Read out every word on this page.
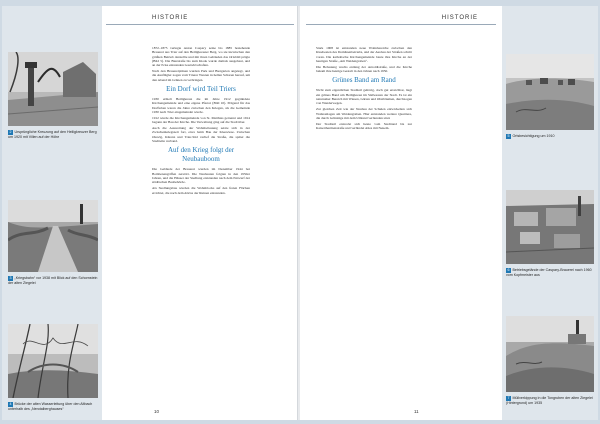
HISTORIE
2 Ursprüngliche Kreuzung auf den Heiligkreuzer Berg um 1920 mit Villen auf der Höhe
3 „Kriegsbahn“ vor 1938 mit Blick auf den Schornstein der alten Ziegelei
4 Brücke der alten Wasserleitung über den Altbach unterhalb des „Nerotalberghauses“

1872–1875 verlegte Anton Caspary seine bis 1885 bestehende Brauerei aus Trier auf den Heiligkreuzer Berg, wo sie inzwischen den größten Betrieb darstellte und mit ihren Gebäuden das Ortsbild prägte (Bild 5). Die Bierstraße bis zum Kiosk wurde damals ausgebaut, und an der Ecke entstanden Gastwirtschaften.

Nach den Brauereiplänen wurden Park und Biergarten angelegt, und die Ausflügler zogen vom Trierer Westen in hellen Scharen herauf, um den Abend im Grünen zu verbringen.

Ein Dorf wird Teil Triers

1930 erhielt Heiligkreuz die im Jahre 1912 gegründete Kirchengemeinde und eine eigene Pfarrei (Bild 10). Prägend für das Dorfleben waren die Jahre zwischen den Kriegen, als die Gemeinde 1930 nach Trier eingemeindet wurde.

1912 wurde die Kirchengemeinde von St. Matthias getrennt und 1914 begann der Bau der Kirche. Die Verwaltung ging auf die Stadt über.

Auch die Ausweitung der Wohnbebauung setzte sich in der Zwischenkriegszeit fort, etwa beim Bau der Kleewiese. Zwischen Olewig, Kürenz und Trier-Süd verlief die Straße, die später die Stadtteile verband.

Auf den Krieg folgt der Neubauboom

Die Gebäude der Brauerei wurden im Dezember 1944 bei Bombenangriffen zerstört. Die Neubauten folgten in den 1950er Jahren, und die Häuser der Siedlung entstanden nach dem Entwurf der städtischen Baubehörde.

Als Siedlungsbau wurden die Wohnblocks auf den freien Flächen errichtet, die nach dem Abriss der Ruinen entstanden.

10
HISTORIE

Stark 1908 ist entstanden neue Wohnbereiche zwischen den Kleebeeten des Domänenbetriebs, und der Ausbau der Straßen schritt voran. Die katholische Kirchengemeinde baute ihre Kirche an der heutigen Straße „Am Weidengraben“.

Die Bebauung wuchs entlang der Arnoldistraße, und die Kirche bekam ihre heutige Gestalt in den Jahren nach 1950.

Grünes Band am Rand

Nicht zum eigentlichen Stadtteil gehörig, doch gut erreichbar, liegt ein grünes Band um Heiligkreuz im Südwesten der Stadt. Es ist ein naturnaher Bereich mit Wiesen, Gärten und Obstbäumen, durchzogen von Wanderwegen.

Zur gleichen Zeit wie der Neubau der Schulen entwickelten sich Wohnanlagen am Weidengraben. Hier entstanden weitere Quartiere, die durch Grünzüge mit dem Umland verbunden sind.

Der Stadtteil erstreckt sich heute vom Stadtrand bis zur Kaiserthermenstraße und verbindet Altes mit Neuem.

5 Ortsbesichtigung um 1910
6 Betriebsgelände der Caspary-Brauerei nach 1960 vom Kopfmeister aus
7 Müllverkippung in die Tongruben der alten Ziegelei (Hintergrund) um 1935
11
